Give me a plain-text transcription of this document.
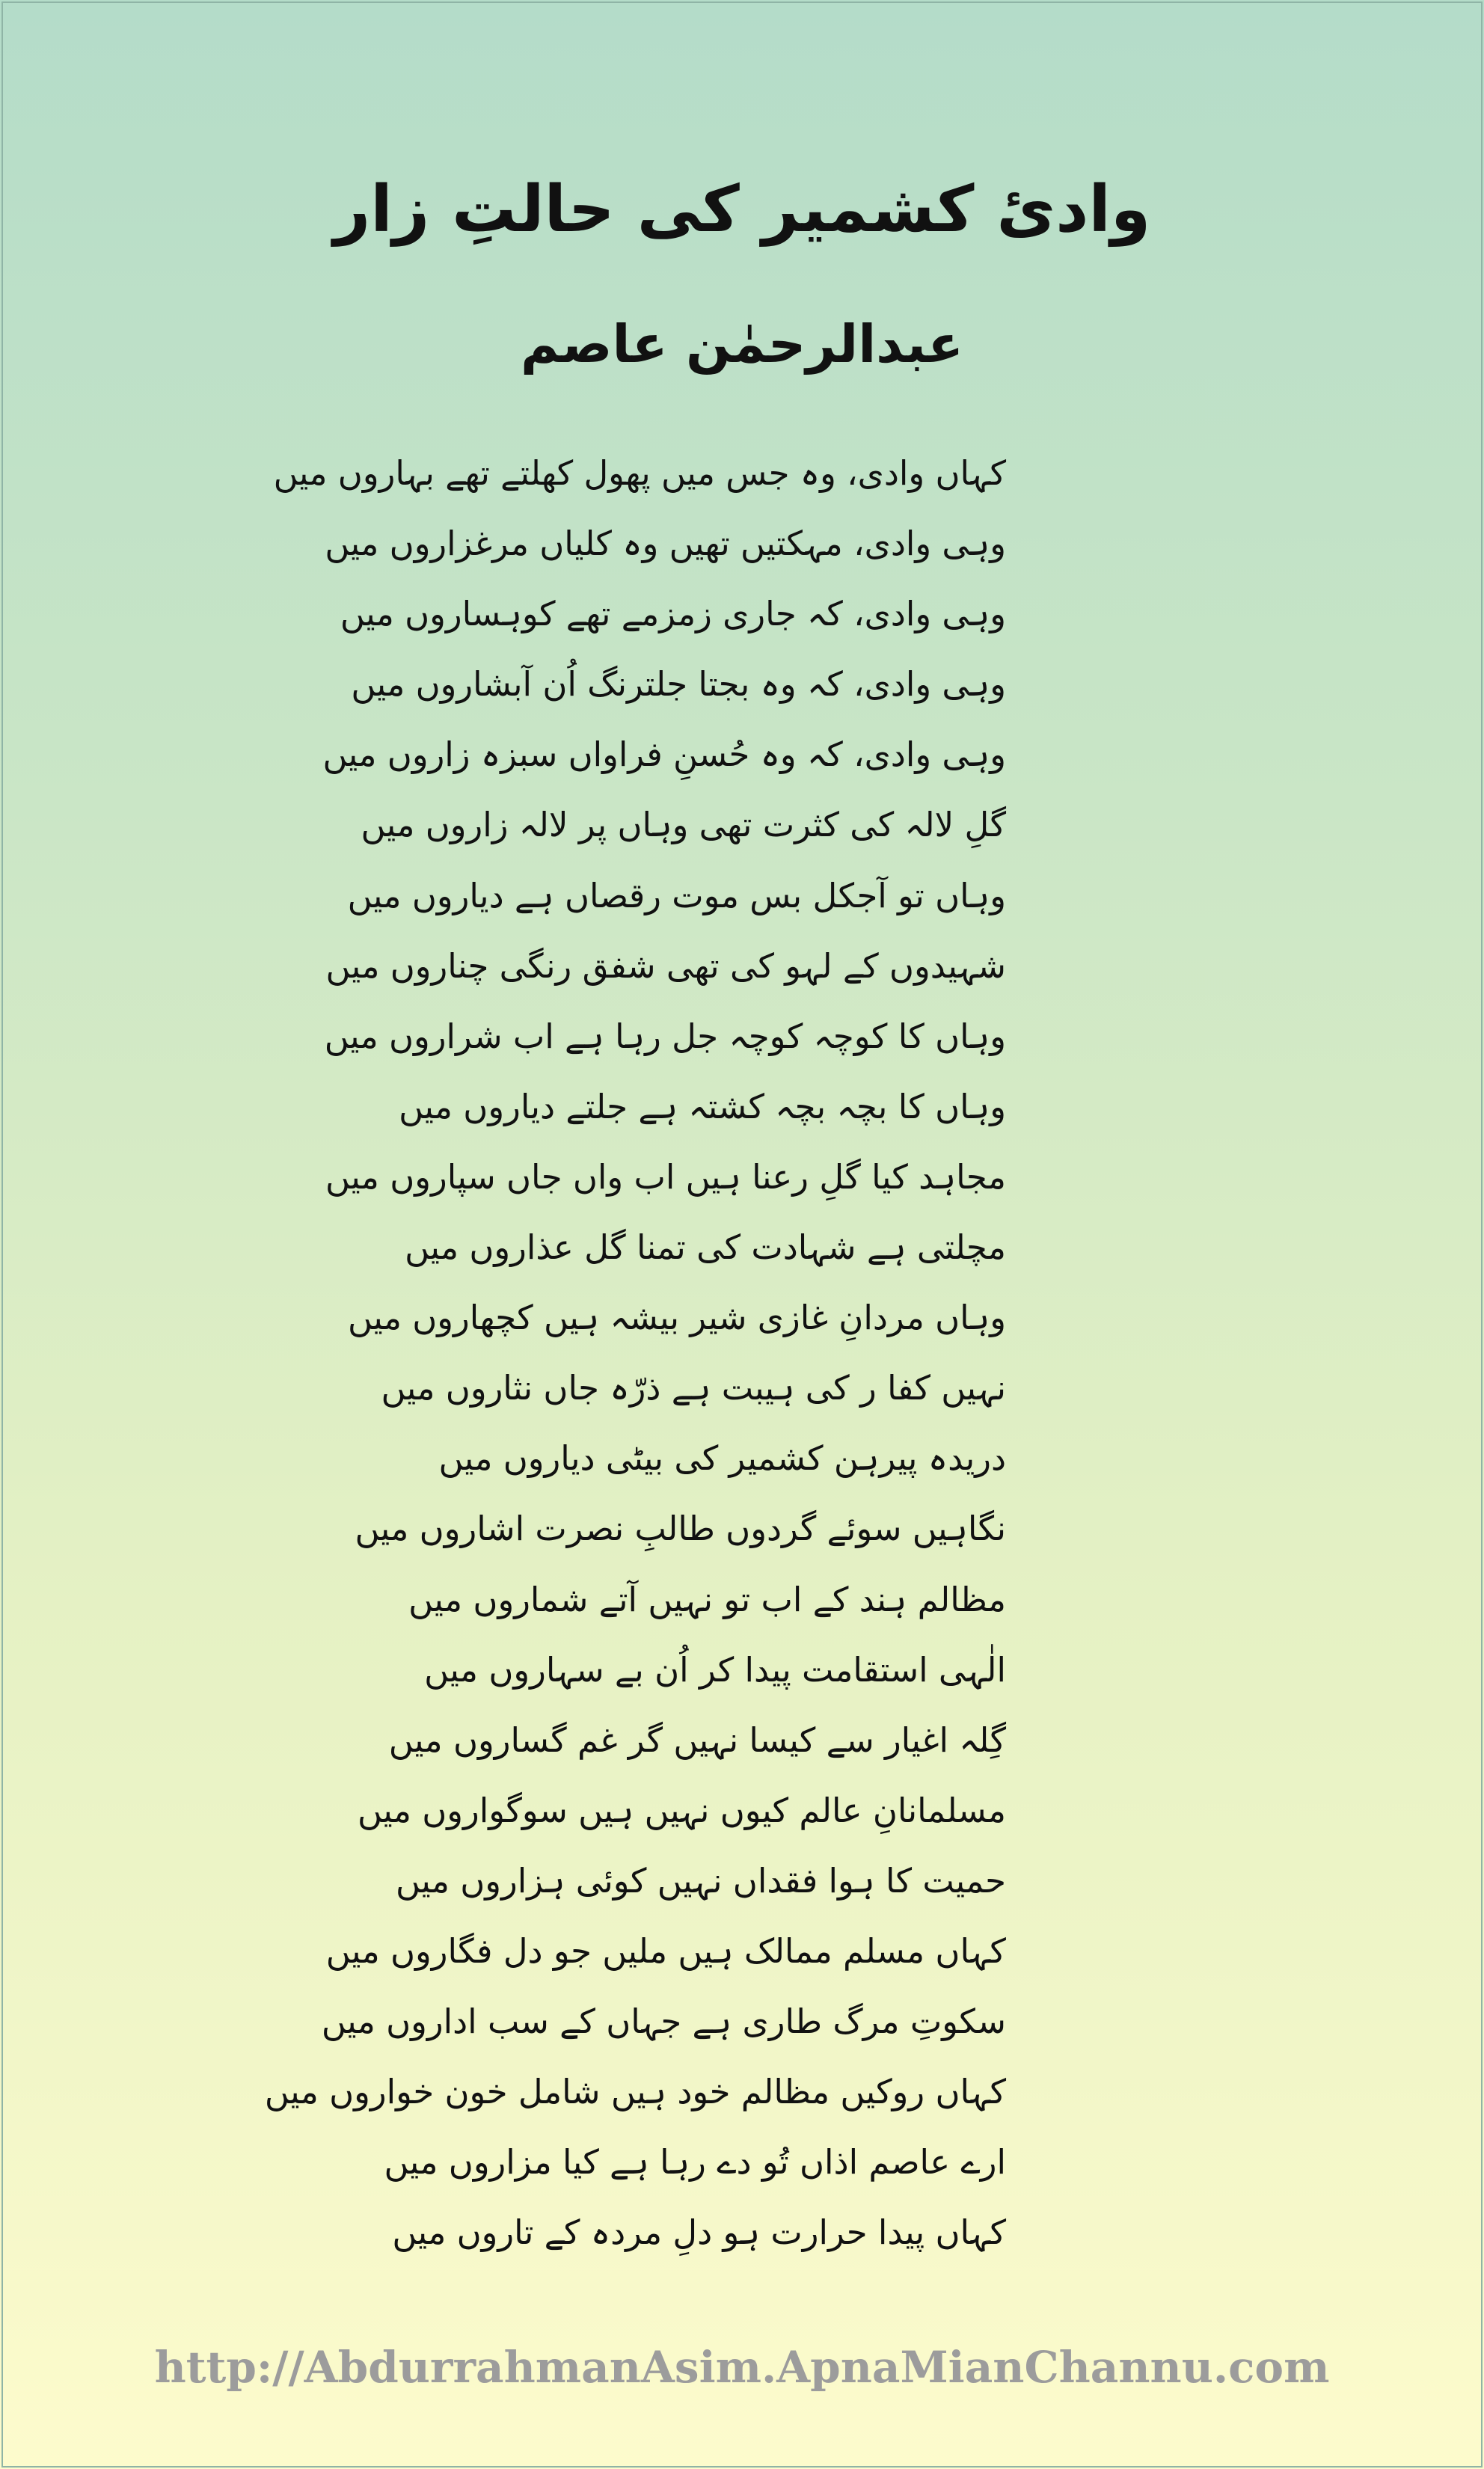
وادیٔ کشمیر کی حالتِ زار
عبدالرحمٰن عاصم
کہاں وادی، وہ جس میں پھول کھلتے تھے بہاروں میں
وہی وادی، مہکتیں تھیں وہ کلیاں مرغزاروں میں
وہی وادی، کہ جاری زمزمے تھے کوہساروں میں
وہی وادی، کہ وہ بجتا جلترنگ اُن آبشاروں میں
وہی وادی، کہ وہ حُسنِ فراواں سبزہ زاروں میں
گلِ لالہ کی کثرت تھی وہاں پر لالہ زاروں میں
وہاں تو آجکل بس موت رقصاں ہے دیاروں میں
شہیدوں کے لہو کی تھی شفق رنگی چناروں میں
وہاں کا کوچہ کوچہ جل رہا ہے اب شراروں میں
وہاں کا بچہ بچہ کشتہ ہے جلتے دیاروں میں
مجاہد کیا گلِ رعنا ہیں اب واں جاں سپاروں میں
مچلتی ہے شہادت کی تمنا گل عذاروں میں
وہاں مردانِ غازی شیر بیشہ ہیں کچھاروں میں
نہیں کفا ر کی ہیبت ہے ذرّہ جاں نثاروں میں
دریدہ پیرہن کشمیر کی بیٹی دیاروں میں
نگاہیں سوئے گردوں طالبِ نصرت اشاروں میں
مظالم ہند کے اب تو نہیں آتے شماروں میں
الٰہی استقامت پیدا کر اُن بے سہاروں میں
گِلہ اغیار سے کیسا نہیں گر غم گساروں میں
مسلمانانِ عالم کیوں نہیں ہیں سوگواروں میں
حمیت کا ہوا فقداں نہیں کوئی ہزاروں میں
کہاں مسلم ممالک ہیں ملیں جو دل فگاروں میں
سکوتِ مرگ طاری ہے جہاں کے سب اداروں میں
کہاں روکیں مظالم خود ہیں شامل خون خواروں میں
ارے عاصم اذاں تُو دے رہا ہے کیا مزاروں میں
کہاں پیدا حرارت ہو دلِ مردہ کے تاروں میں
http://AbdurrahmanAsim.ApnaMianChannu.com
